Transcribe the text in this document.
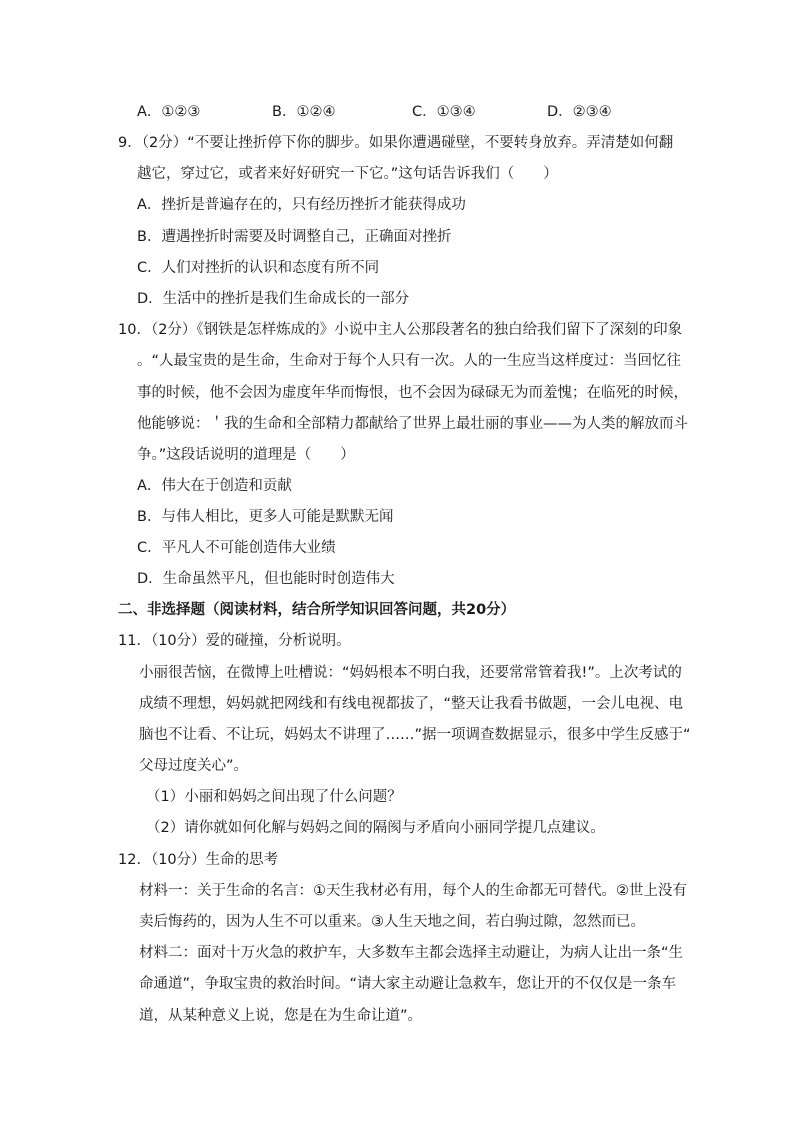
A．①②③	B．①②④	C．①③④	D．②③④
9．（2分）“不要让挫折停下你的脚步。如果你遭遇碰壁，不要转身放弃。弄清楚如何翻
越它，穿过它，或者来好好研究一下它。”这句话告诉我们（　　）
A．挫折是普遍存在的，只有经历挫折才能获得成功
B．遭遇挫折时需要及时调整自己，正确面对挫折
C．人们对挫折的认识和态度有所不同
D．生活中的挫折是我们生命成长的一部分
10．（2分）《钢铁是怎样炼成的》小说中主人公那段著名的独白给我们留下了深刻的印象
。“人最宝贵的是生命，生命对于每个人只有一次。人的一生应当这样度过：当回忆往
事的时候，他不会因为虚度年华而悔恨，也不会因为碌碌无为而羞愧；在临死的时候，
他能够说：＇我的生命和全部精力都献给了世界上最壮丽的事业——为人类的解放而斗
争。”这段话说明的道理是（　　）
A．伟大在于创造和贡献
B．与伟人相比，更多人可能是默默无闻
C．平凡人不可能创造伟大业绩
D．生命虽然平凡，但也能时时创造伟大
二、非选择题（阅读材料，结合所学知识回答问题，共20分）
11．（10分）爱的碰撞，分析说明。
小丽很苦恼，在微博上吐槽说：“妈妈根本不明白我，还要常常管着我!”。上次考试的
成绩不理想，妈妈就把网线和有线电视都拔了，“整天让我看书做题，一会儿电视、电
脑也不让看、不让玩，妈妈太不讲理了……”据一项调查数据显示，很多中学生反感于“
父母过度关心”。
（1）小丽和妈妈之间出现了什么问题？
（2）请你就如何化解与妈妈之间的隔阂与矛盾向小丽同学提几点建议。
12．（10分）生命的思考
材料一：关于生命的名言：①天生我材必有用，每个人的生命都无可替代。②世上没有
卖后悔药的，因为人生不可以重来。③人生天地之间，若白驹过隙，忽然而已。
材料二：面对十万火急的救护车，大多数车主都会选择主动避让，为病人让出一条“生
命通道”，争取宝贵的救治时间。“请大家主动避让急救车，您让开的不仅仅是一条车
道，从某种意义上说，您是在为生命让道”。
